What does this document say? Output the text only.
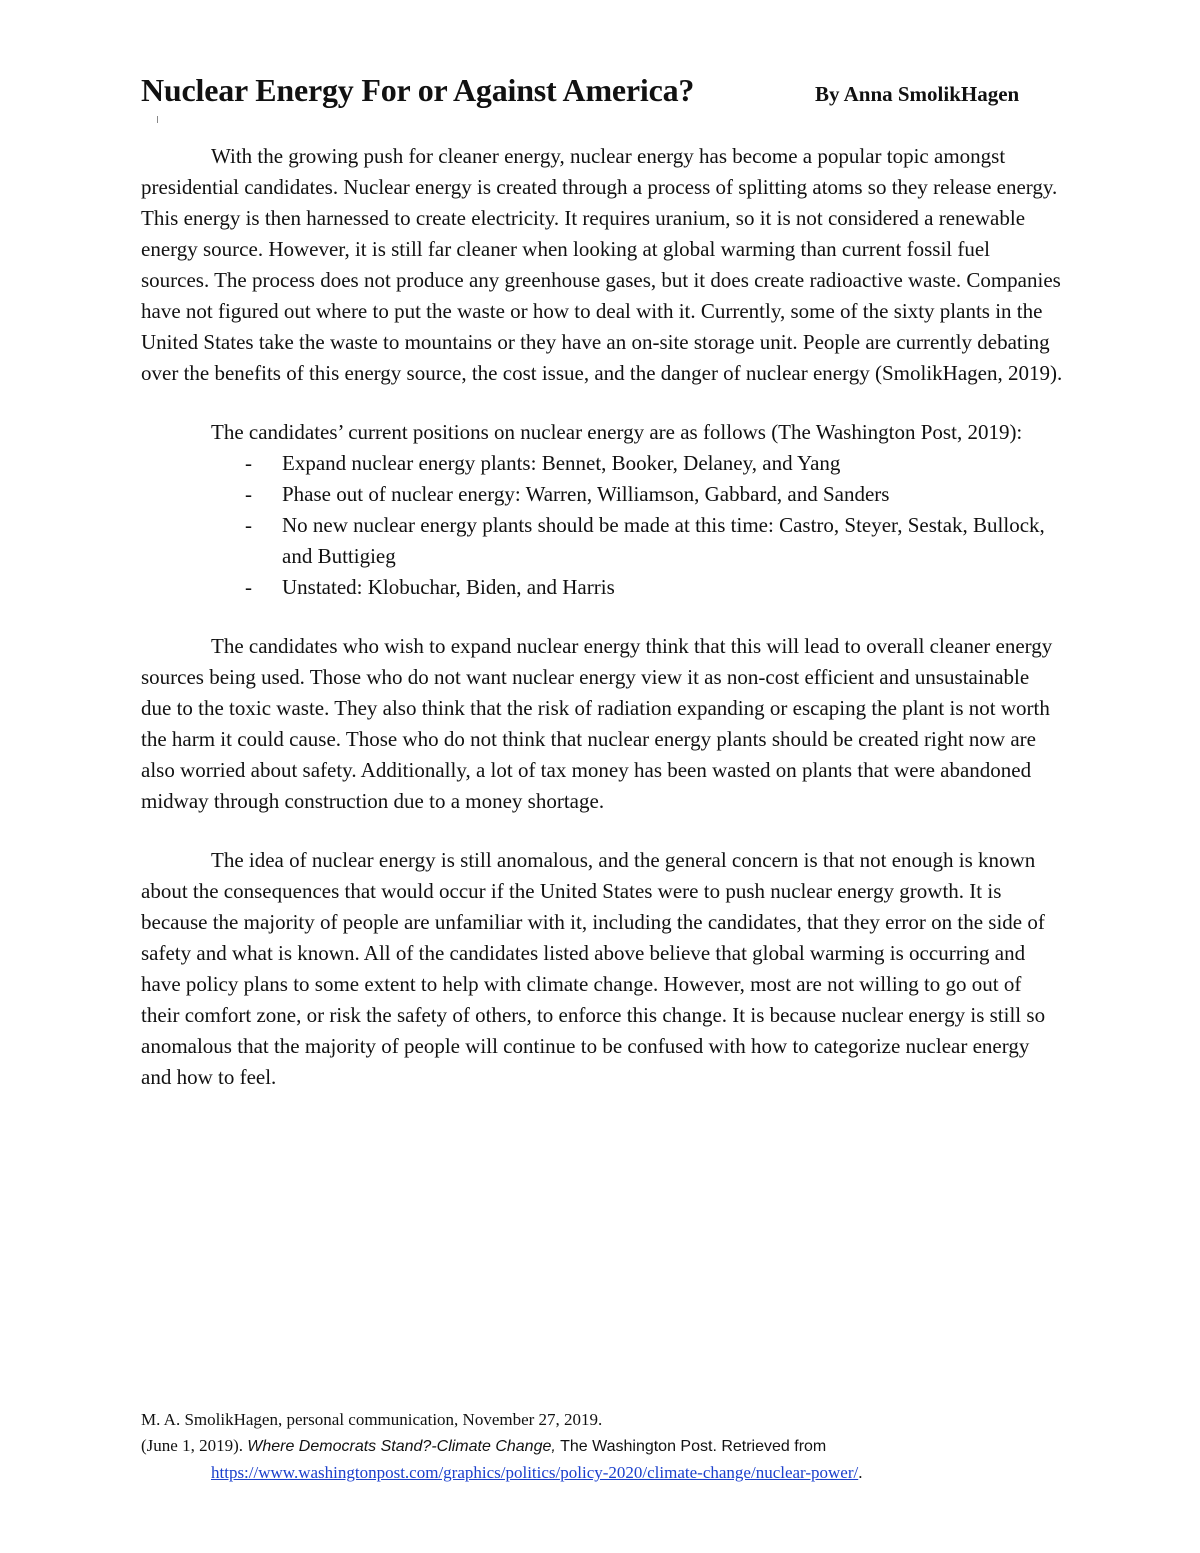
Nuclear Energy For or Against America?	By Anna SmolikHagen

With the growing push for cleaner energy, nuclear energy has become a popular topic amongst presidential candidates. Nuclear energy is created through a process of splitting atoms so they release energy. This energy is then harnessed to create electricity. It requires uranium, so it is not considered a renewable energy source. However, it is still far cleaner when looking at global warming than current fossil fuel sources. The process does not produce any greenhouse gases, but it does create radioactive waste. Companies have not figured out where to put the waste or how to deal with it. Currently, some of the sixty plants in the United States take the waste to mountains or they have an on-site storage unit. People are currently debating over the benefits of this energy source, the cost issue, and the danger of nuclear energy (SmolikHagen, 2019).

The candidates’ current positions on nuclear energy are as follows (The Washington Post, 2019):

- Expand nuclear energy plants: Bennet, Booker, Delaney, and Yang
- Phase out of nuclear energy: Warren, Williamson, Gabbard, and Sanders
- No new nuclear energy plants should be made at this time: Castro, Steyer, Sestak, Bullock, and Buttigieg
- Unstated: Klobuchar, Biden, and Harris

The candidates who wish to expand nuclear energy think that this will lead to overall cleaner energy sources being used. Those who do not want nuclear energy view it as non-cost efficient and unsustainable due to the toxic waste. They also think that the risk of radiation expanding or escaping the plant is not worth the harm it could cause. Those who do not think that nuclear energy plants should be created right now are also worried about safety. Additionally, a lot of tax money has been wasted on plants that were abandoned midway through construction due to a money shortage.

The idea of nuclear energy is still anomalous, and the general concern is that not enough is known about the consequences that would occur if the United States were to push nuclear energy growth. It is because the majority of people are unfamiliar with it, including the candidates, that they error on the side of safety and what is known. All of the candidates listed above believe that global warming is occurring and have policy plans to some extent to help with climate change. However, most are not willing to go out of their comfort zone, or risk the safety of others, to enforce this change. It is because nuclear energy is still so anomalous that the majority of people will continue to be confused with how to categorize nuclear energy and how to feel.

M. A. SmolikHagen, personal communication, November 27, 2019.
(June 1, 2019). Where Democrats Stand?-Climate Change, The Washington Post. Retrieved from
https://www.washingtonpost.com/graphics/politics/policy-2020/climate-change/nuclear-power/.
